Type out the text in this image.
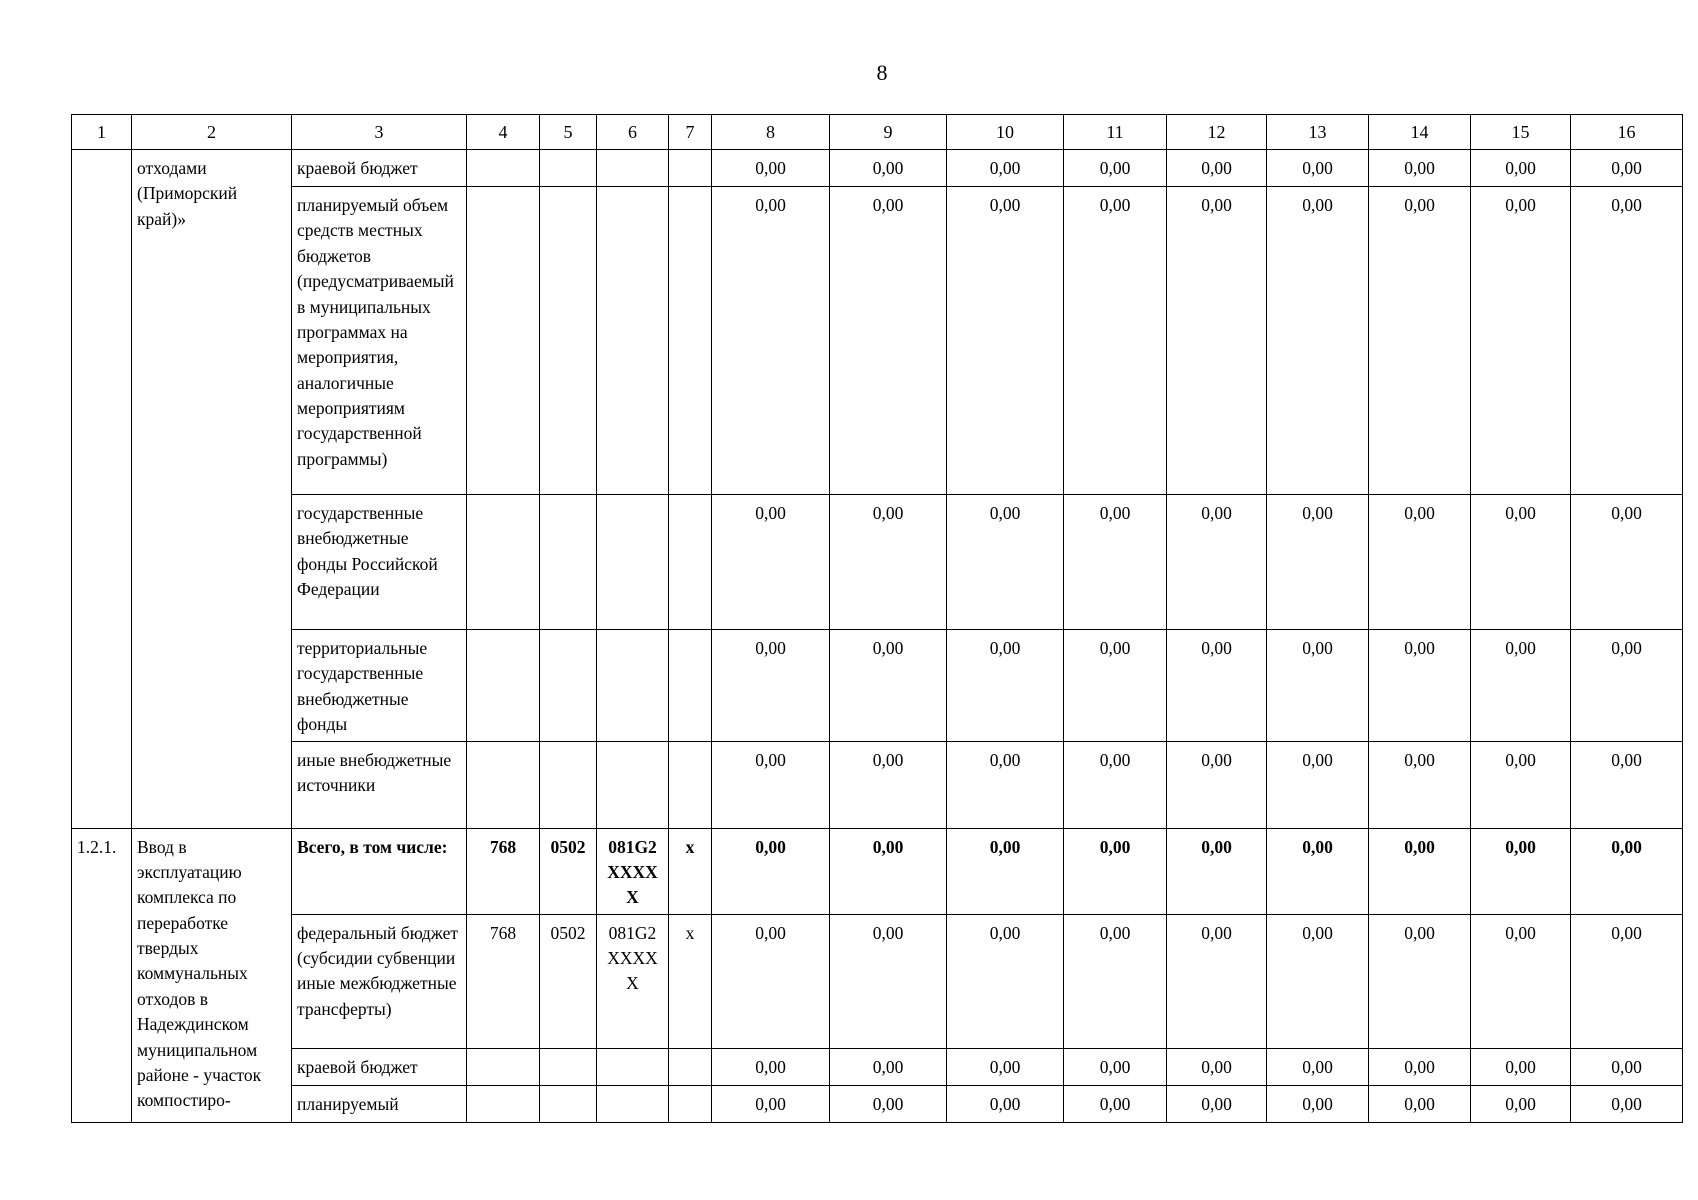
8
1	2	3	4	5	6	7	8	9	10	11	12	13	14	15	16
	отходами (Приморский край)»	краевой бюджет					0,00	0,00	0,00	0,00	0,00	0,00	0,00	0,00	0,00
		планируемый объем средств местных бюджетов (предусматриваемый в муниципальных программах на мероприятия, аналогичные мероприятиям государственной программы)					0,00	0,00	0,00	0,00	0,00	0,00	0,00	0,00	0,00
		государственные внебюджетные фонды Российской Федерации					0,00	0,00	0,00	0,00	0,00	0,00	0,00	0,00	0,00
		территориальные государственные внебюджетные фонды					0,00	0,00	0,00	0,00	0,00	0,00	0,00	0,00	0,00
		иные внебюджетные источники					0,00	0,00	0,00	0,00	0,00	0,00	0,00	0,00	0,00
1.2.1.	Ввод в эксплуатацию комплекса по переработке твердых коммунальных отходов в Надеждинском муниципальном районе - участок компостиро-	Всего, в том числе:	768	0502	081G2 XXXXX	x	0,00	0,00	0,00	0,00	0,00	0,00	0,00	0,00	0,00
		федеральный бюджет (субсидии субвенции иные межбюджетные трансферты)	768	0502	081G2 XXXXX	x	0,00	0,00	0,00	0,00	0,00	0,00	0,00	0,00	0,00
		краевой бюджет					0,00	0,00	0,00	0,00	0,00	0,00	0,00	0,00	0,00
		планируемый					0,00	0,00	0,00	0,00	0,00	0,00	0,00	0,00	0,00
